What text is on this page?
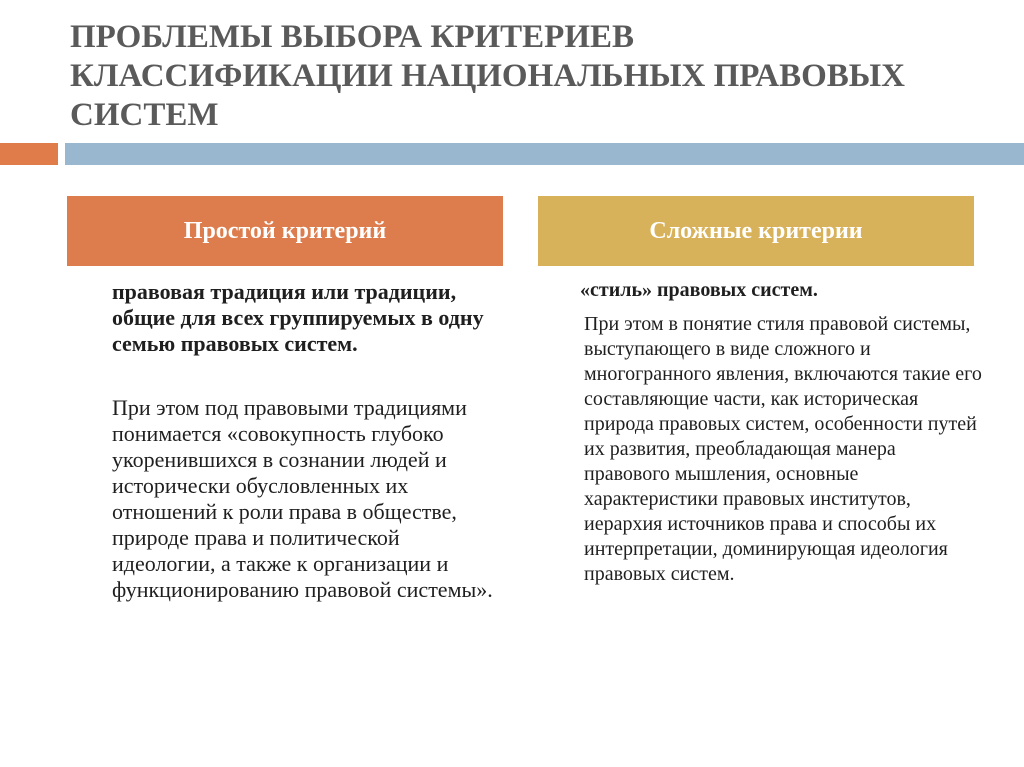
ПРОБЛЕМЫ ВЫБОРА КРИТЕРИЕВ
КЛАССИФИКАЦИИ НАЦИОНАЛЬНЫХ ПРАВОВЫХ
СИСТЕМ
Простой критерий	Сложные критерии

правовая традиция или традиции, общие для всех группируемых в одну семью правовых систем.

При этом под правовыми традициями понимается «совокупность глубоко укоренившихся в сознании людей и исторически обусловленных их отношений к роли права в обществе, природе права и политической идеологии, а также к организации и функционированию правовой системы».

«стиль» правовых систем.

При этом в понятие стиля правовой системы, выступающего в виде сложного и многогранного явления, включаются такие его составляющие части, как историческая природа правовых систем, особенности путей их развития, преобладающая манера правового мышления, основные характеристики правовых институтов, иерархия источников права и способы их интерпретации, доминирующая идеология правовых систем.
